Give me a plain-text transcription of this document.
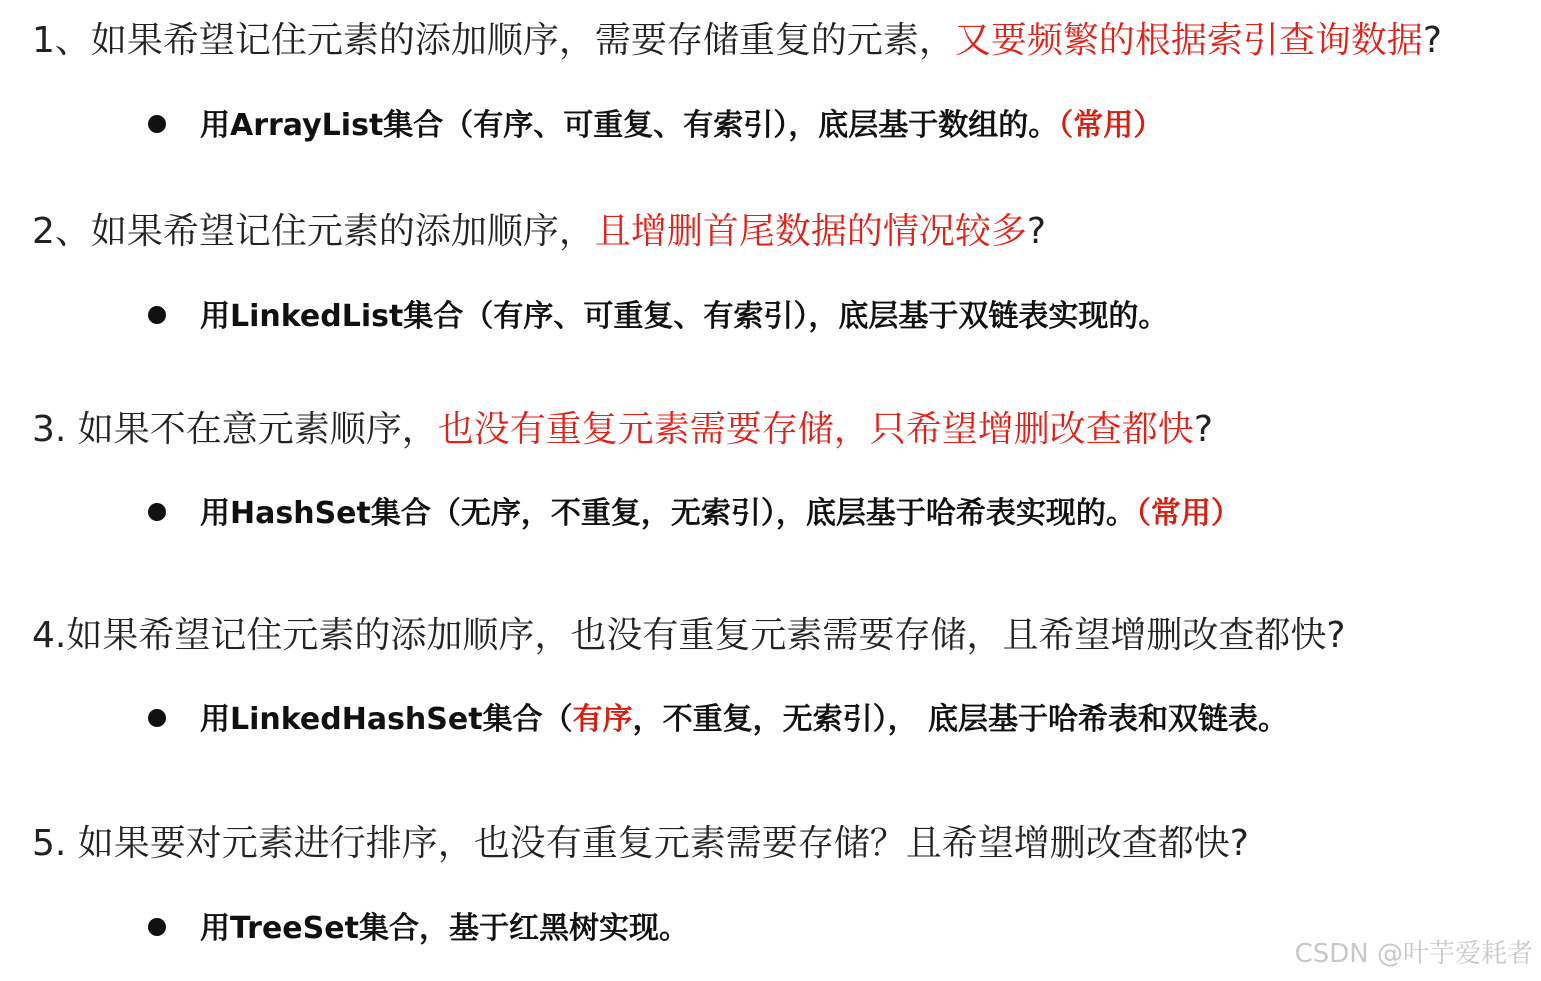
1、如果希望记住元素的添加顺序，需要存储重复的元素，又要频繁的根据索引查询数据?
用ArrayList集合（有序、可重复、有索引），底层基于数组的。（常用）
2、如果希望记住元素的添加顺序，且增删首尾数据的情况较多?
用LinkedList集合（有序、可重复、有索引），底层基于双链表实现的。
3. 如果不在意元素顺序，也没有重复元素需要存储，只希望增删改查都快?
用HashSet集合（无序，不重复，无索引），底层基于哈希表实现的。（常用）
4.如果希望记住元素的添加顺序，也没有重复元素需要存储，且希望增删改查都快?
用LinkedHashSet集合（有序，不重复，无索引）， 底层基于哈希表和双链表。
5. 如果要对元素进行排序，也没有重复元素需要存储？且希望增删改查都快?
用TreeSet集合，基于红黑树实现。
CSDN @叶芋爱耗者
